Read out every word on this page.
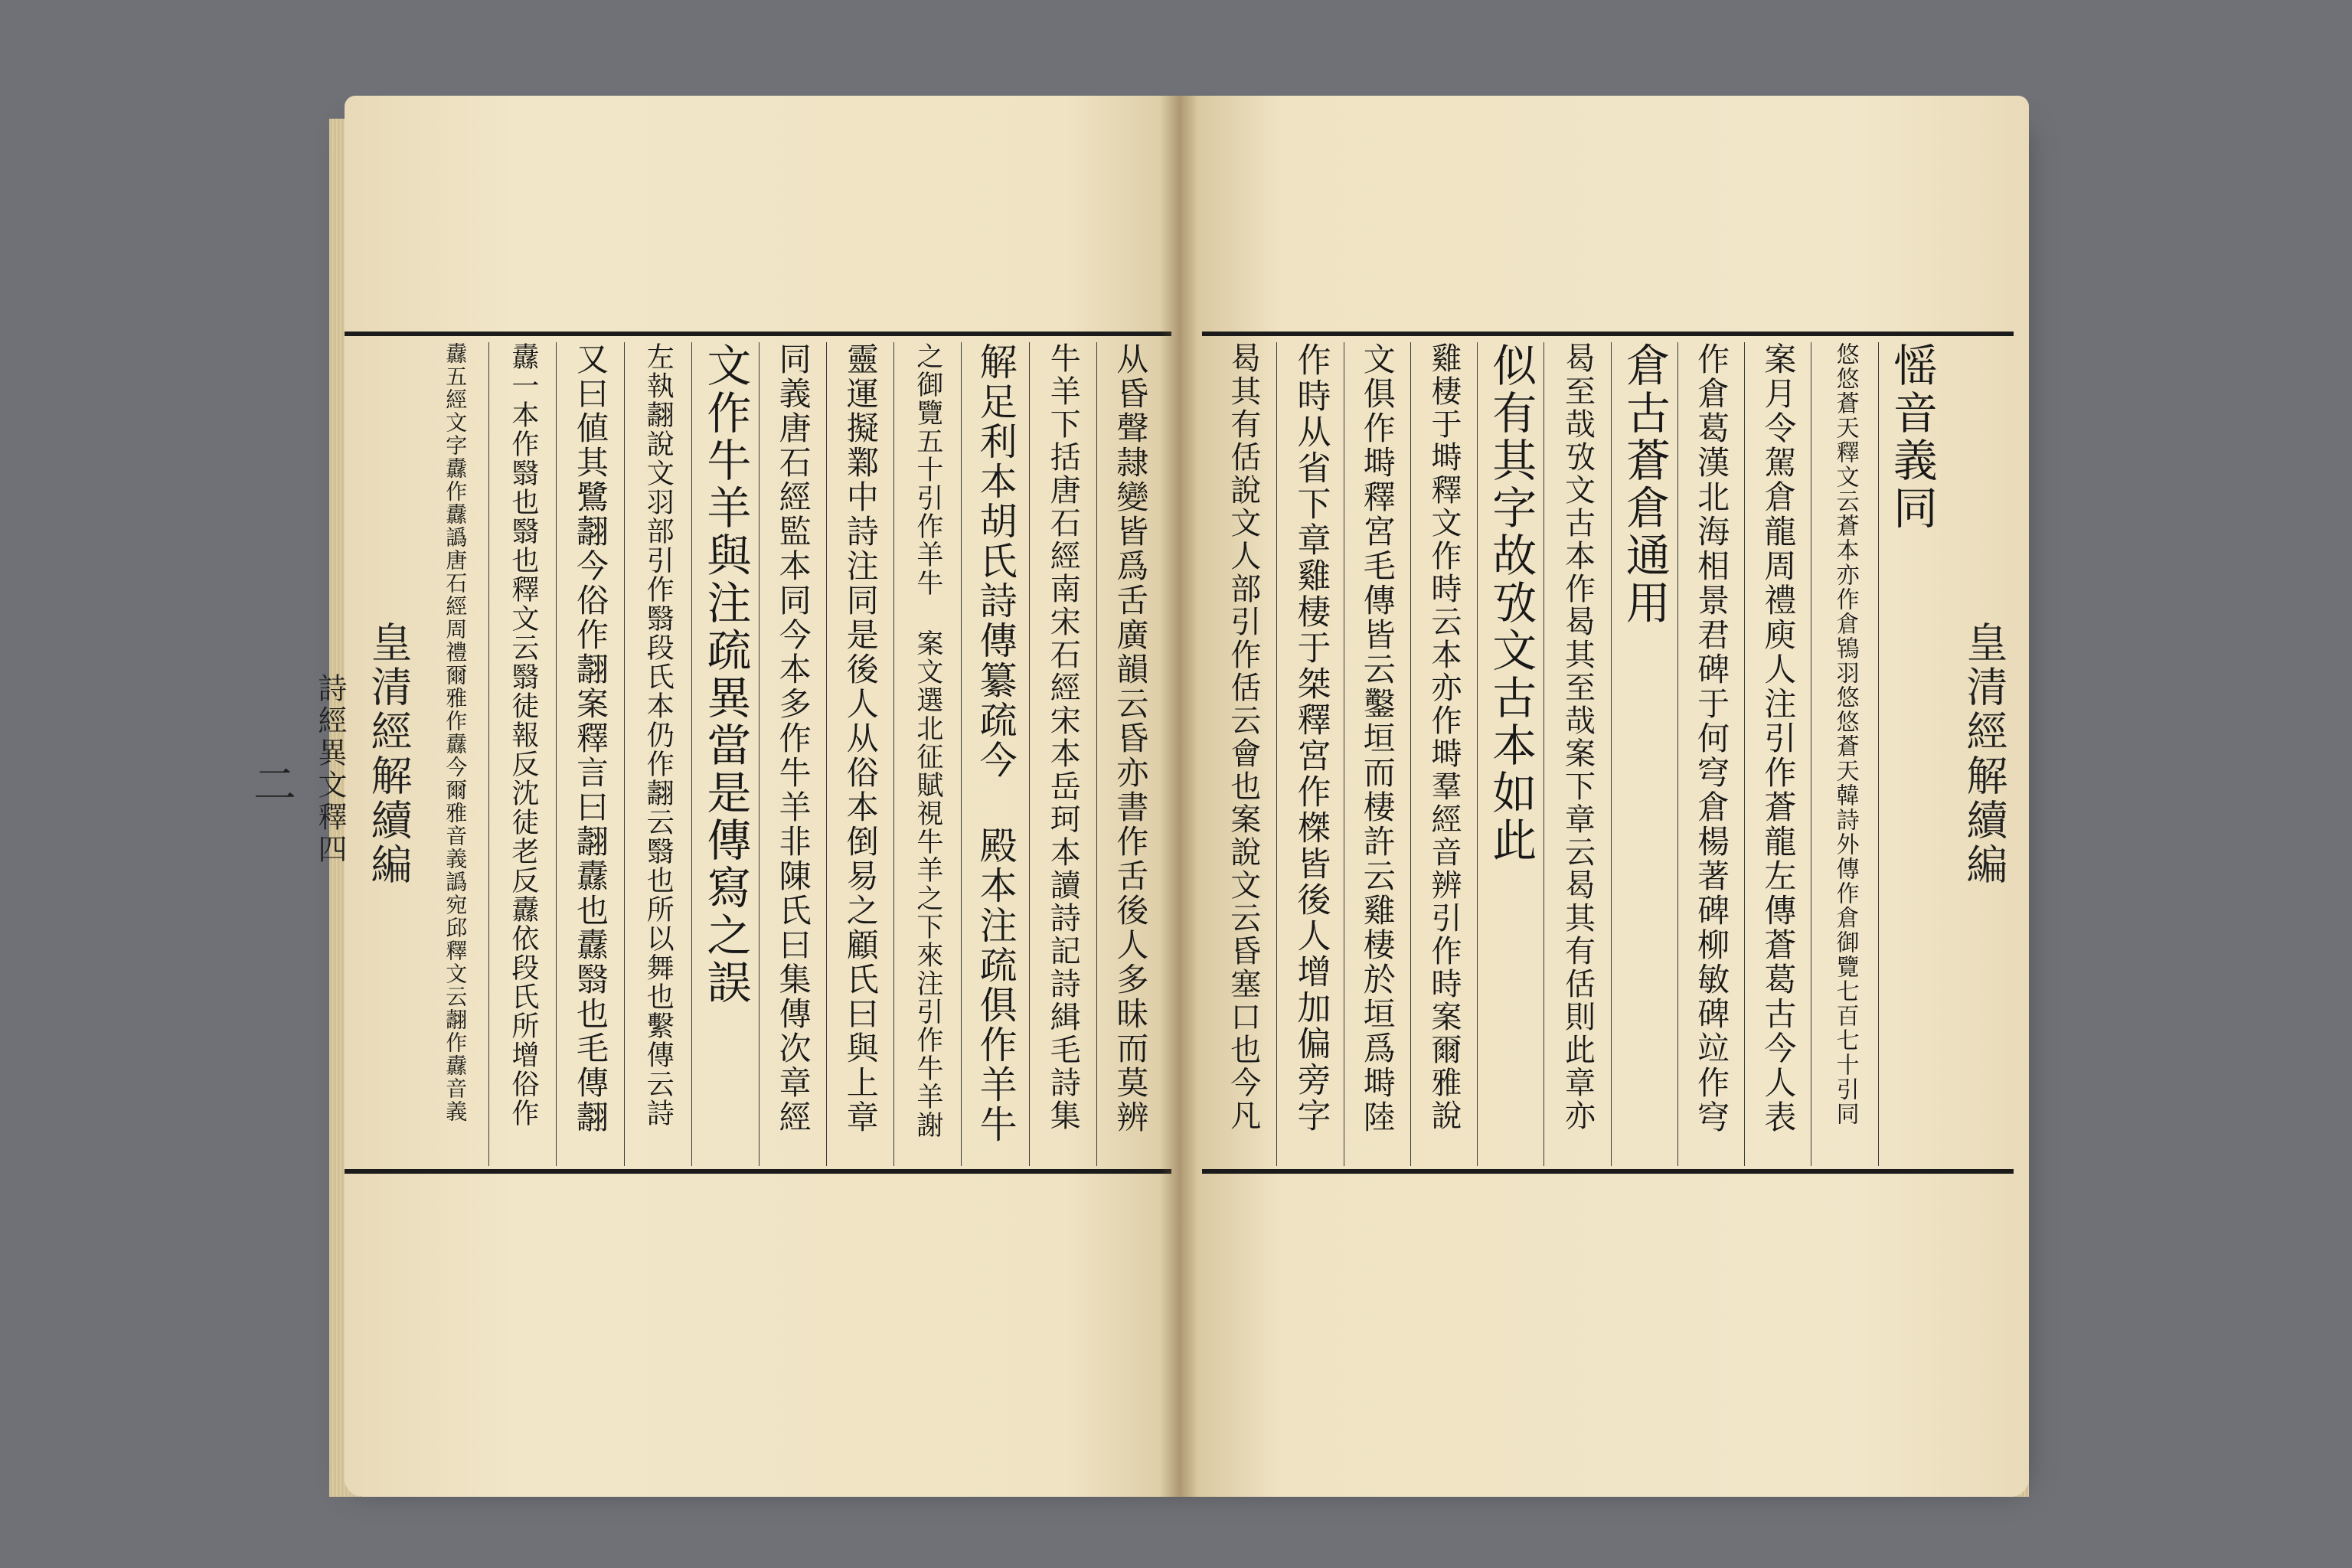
皇清經解續編
詩經異文釋四
二	从昏聲隷變皆爲舌廣韻云昏亦書作舌後人多昧而莫辨
牛羊下括唐石經南宋石經宋本岳珂本讀詩記詩緝毛詩集
解足利本胡氏詩傳纂疏今 殿本注疏俱作羊牛
之御覽五十引作羊牛 案文選北征賦視牛羊之下來注引作牛羊謝
靈運擬鄴中詩注同是後人从俗本倒易之顧氏曰與上章
同義唐石經監本同今本多作牛羊非陳氏曰集傳次章經
文作牛羊與注疏異當是傳寫之誤
左執翿說文羽部引作翳段氏本仍作翿云翳也所以舞也繫傳云詩
又曰値其鷺翿今俗作翿案釋言曰翿纛也纛翳也毛傳翿
纛一本作翳也翳也釋文云翳徒報反沈徒老反纛依段氏所增俗作
纛五經文字纛作纛譌唐石經周禮爾雅作纛今爾雅音義譌宛邱釋文云翿作纛音義	皇清經解續編
愮音義同
悠悠蒼天釋文云蒼本亦作倉鴇羽悠悠蒼天韓詩外傳作倉御覽七百七十引同
案月令駕倉龍周禮庾人注引作蒼龍左傳蒼葛古今人表
作倉葛漢北海相景君碑于何穹倉楊著碑柳敏碑竝作穹
倉古蒼倉通用
曷至哉攷文古本作曷其至哉案下章云曷其有佸則此章亦
似有其字故攷文古本如此
雞棲于塒釋文作時云本亦作塒羣經音辨引作時案爾雅說
文俱作塒釋宮毛傳皆云鑿垣而棲許云雞棲於垣爲塒陸
作時从省下章雞棲于桀釋宮作榤皆後人增加偏旁字
曷其有佸說文人部引作佸云會也案說文云昏塞口也今凡
